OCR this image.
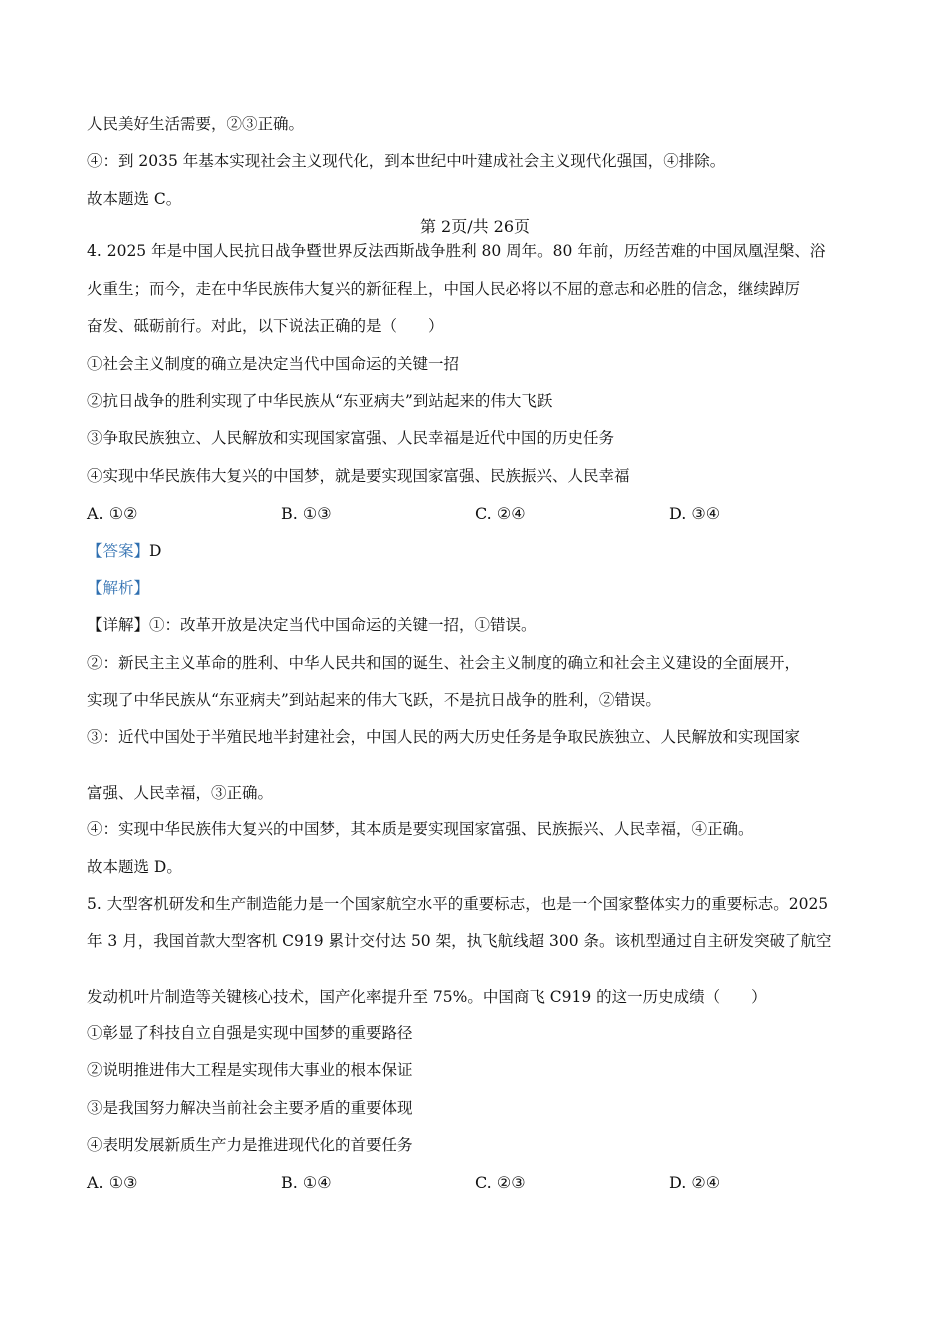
人民美好生活需要，②③正确。
④：到 2035 年基本实现社会主义现代化，到本世纪中叶建成社会主义现代化强国，④排除。
故本题选 C。
第 2页/共 26页
4. 2025 年是中国人民抗日战争暨世界反法西斯战争胜利 80 周年。80 年前，历经苦难的中国凤凰涅槃、浴
火重生；而今，走在中华民族伟大复兴的新征程上，中国人民必将以不屈的意志和必胜的信念，继续踔厉
奋发、砥砺前行。对此，以下说法正确的是（　　）
①社会主义制度的确立是决定当代中国命运的关键一招
②抗日战争的胜利实现了中华民族从“东亚病夫”到站起来的伟大飞跃
③争取民族独立、人民解放和实现国家富强、人民幸福是近代中国的历史任务
④实现中华民族伟大复兴的中国梦，就是要实现国家富强、民族振兴、人民幸福
A. ①②	B. ①③	C. ②④	D. ③④
【答案】D
【解析】
【详解】①：改革开放是决定当代中国命运的关键一招，①错误。
②：新民主主义革命的胜利、中华人民共和国的诞生、社会主义制度的确立和社会主义建设的全面展开，
实现了中华民族从“东亚病夫”到站起来的伟大飞跃，不是抗日战争的胜利，②错误。
③：近代中国处于半殖民地半封建社会，中国人民的两大历史任务是争取民族独立、人民解放和实现国家
富强、人民幸福，③正确。
④：实现中华民族伟大复兴的中国梦，其本质是要实现国家富强、民族振兴、人民幸福，④正确。
故本题选 D。
5. 大型客机研发和生产制造能力是一个国家航空水平的重要标志，也是一个国家整体实力的重要标志。2025
年 3 月，我国首款大型客机 C919 累计交付达 50 架，执飞航线超 300 条。该机型通过自主研发突破了航空
发动机叶片制造等关键核心技术，国产化率提升至 75%。中国商飞 C919 的这一历史成绩（　　）
①彰显了科技自立自强是实现中国梦的重要路径
②说明推进伟大工程是实现伟大事业的根本保证
③是我国努力解决当前社会主要矛盾的重要体现
④表明发展新质生产力是推进现代化的首要任务
A. ①③	B. ①④	C. ②③	D. ②④
